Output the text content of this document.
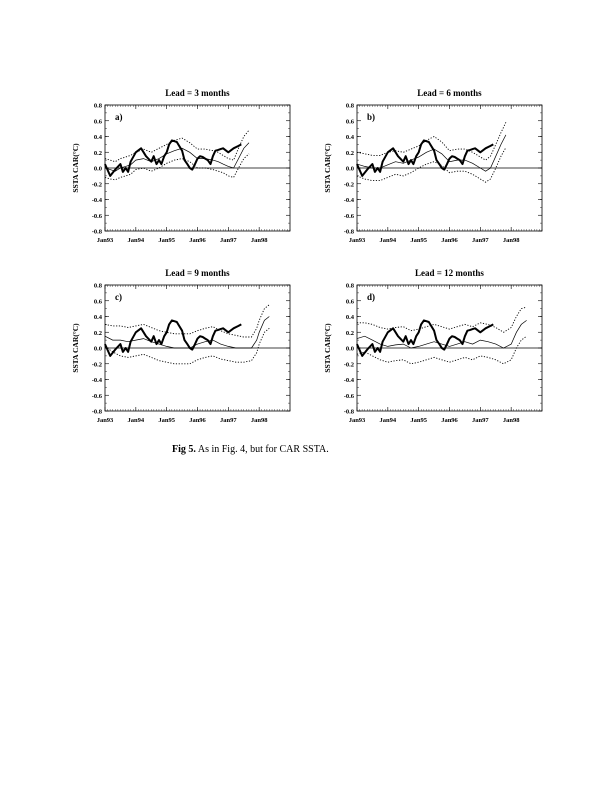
Lead = 3 months
a)
0.8
0.6
0.4
0.2
0.0
-0.2
-0.4
-0.6
-0.8
Jan93 Jan94 Jan95 Jan96 Jan97 Jan98
SSTA CAR(°C)
Lead = 6 months
b)
0.8
0.6
0.4
0.2
0.0
-0.2
-0.4
-0.6
-0.8
Jan93 Jan94 Jan95 Jan96 Jan97 Jan98
SSTA CAR(°C)
Lead = 9 months
c)
0.8
0.6
0.4
0.2
0.0
-0.2
-0.4
-0.6
-0.8
Jan93 Jan94 Jan95 Jan96 Jan97 Jan98
SSTA CAR(°C)
Lead = 12 months
d)
0.8
0.6
0.4
0.2
0.0
-0.2
-0.4
-0.6
-0.8
Jan93 Jan94 Jan95 Jan96 Jan97 Jan98
SSTA CAR(°C)
Fig 5. As in Fig. 4, but for CAR SSTA.
